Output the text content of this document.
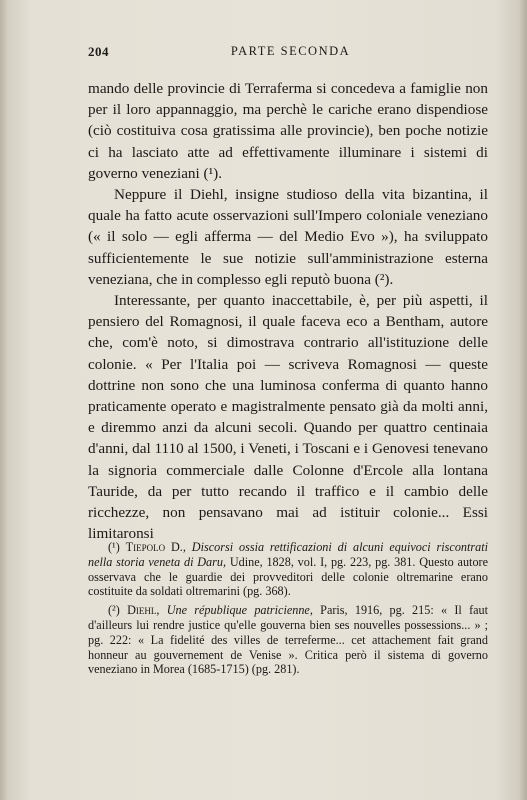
204	PARTE SECONDA

mando delle provincie di Terraferma si concedeva a famiglie non per il loro appannaggio, ma perchè le cariche erano dispendiose (ciò costituiva cosa gratissima alle provincie), ben poche notizie ci ha lasciato atte ad effettivamente illuminare i sistemi di governo veneziani (¹).

Neppure il Diehl, insigne studioso della vita bizantina, il quale ha fatto acute osservazioni sull'Impero coloniale veneziano (« il solo — egli afferma — del Medio Evo »), ha sviluppato sufficientemente le sue notizie sull'amministrazione esterna veneziana, che in complesso egli reputò buona (²).

Interessante, per quanto inaccettabile, è, per più aspetti, il pensiero del Romagnosi, il quale faceva eco a Bentham, autore che, com'è noto, si dimostrava contrario all'istituzione delle colonie. « Per l'Italia poi — scriveva Romagnosi — queste dottrine non sono che una luminosa conferma di quanto hanno praticamente operato e magistralmente pensato già da molti anni, e diremmo anzi da alcuni secoli. Quando per quattro centinaia d'anni, dal 1110 al 1500, i Veneti, i Toscani e i Genovesi tenevano la signoria commerciale dalle Colonne d'Ercole alla lontana Tauride, da per tutto recando il traffico e il cambio delle ricchezze, non pensavano mai ad istituir colonie... Essi limitaronsi

(¹) Tiepolo D., Discorsi ossia rettificazioni di alcuni equivoci riscontrati nella storia veneta di Daru, Udine, 1828, vol. I, pg. 223, pg. 381. Questo autore osservava che le guardie dei provveditori delle colonie oltremarine erano costituite da soldati oltremarini (pg. 368).

(²) Diehl, Une république patricienne, Paris, 1916, pg. 215: « Il faut d'ailleurs lui rendre justice qu'elle gouverna bien ses nouvelles possessions... » ; pg. 222: « La fidelité des villes de terreferme... cet attachement fait grand honneur au gouvernement de Venise ». Critica però il sistema di governo veneziano in Morea (1685-1715) (pg. 281).
